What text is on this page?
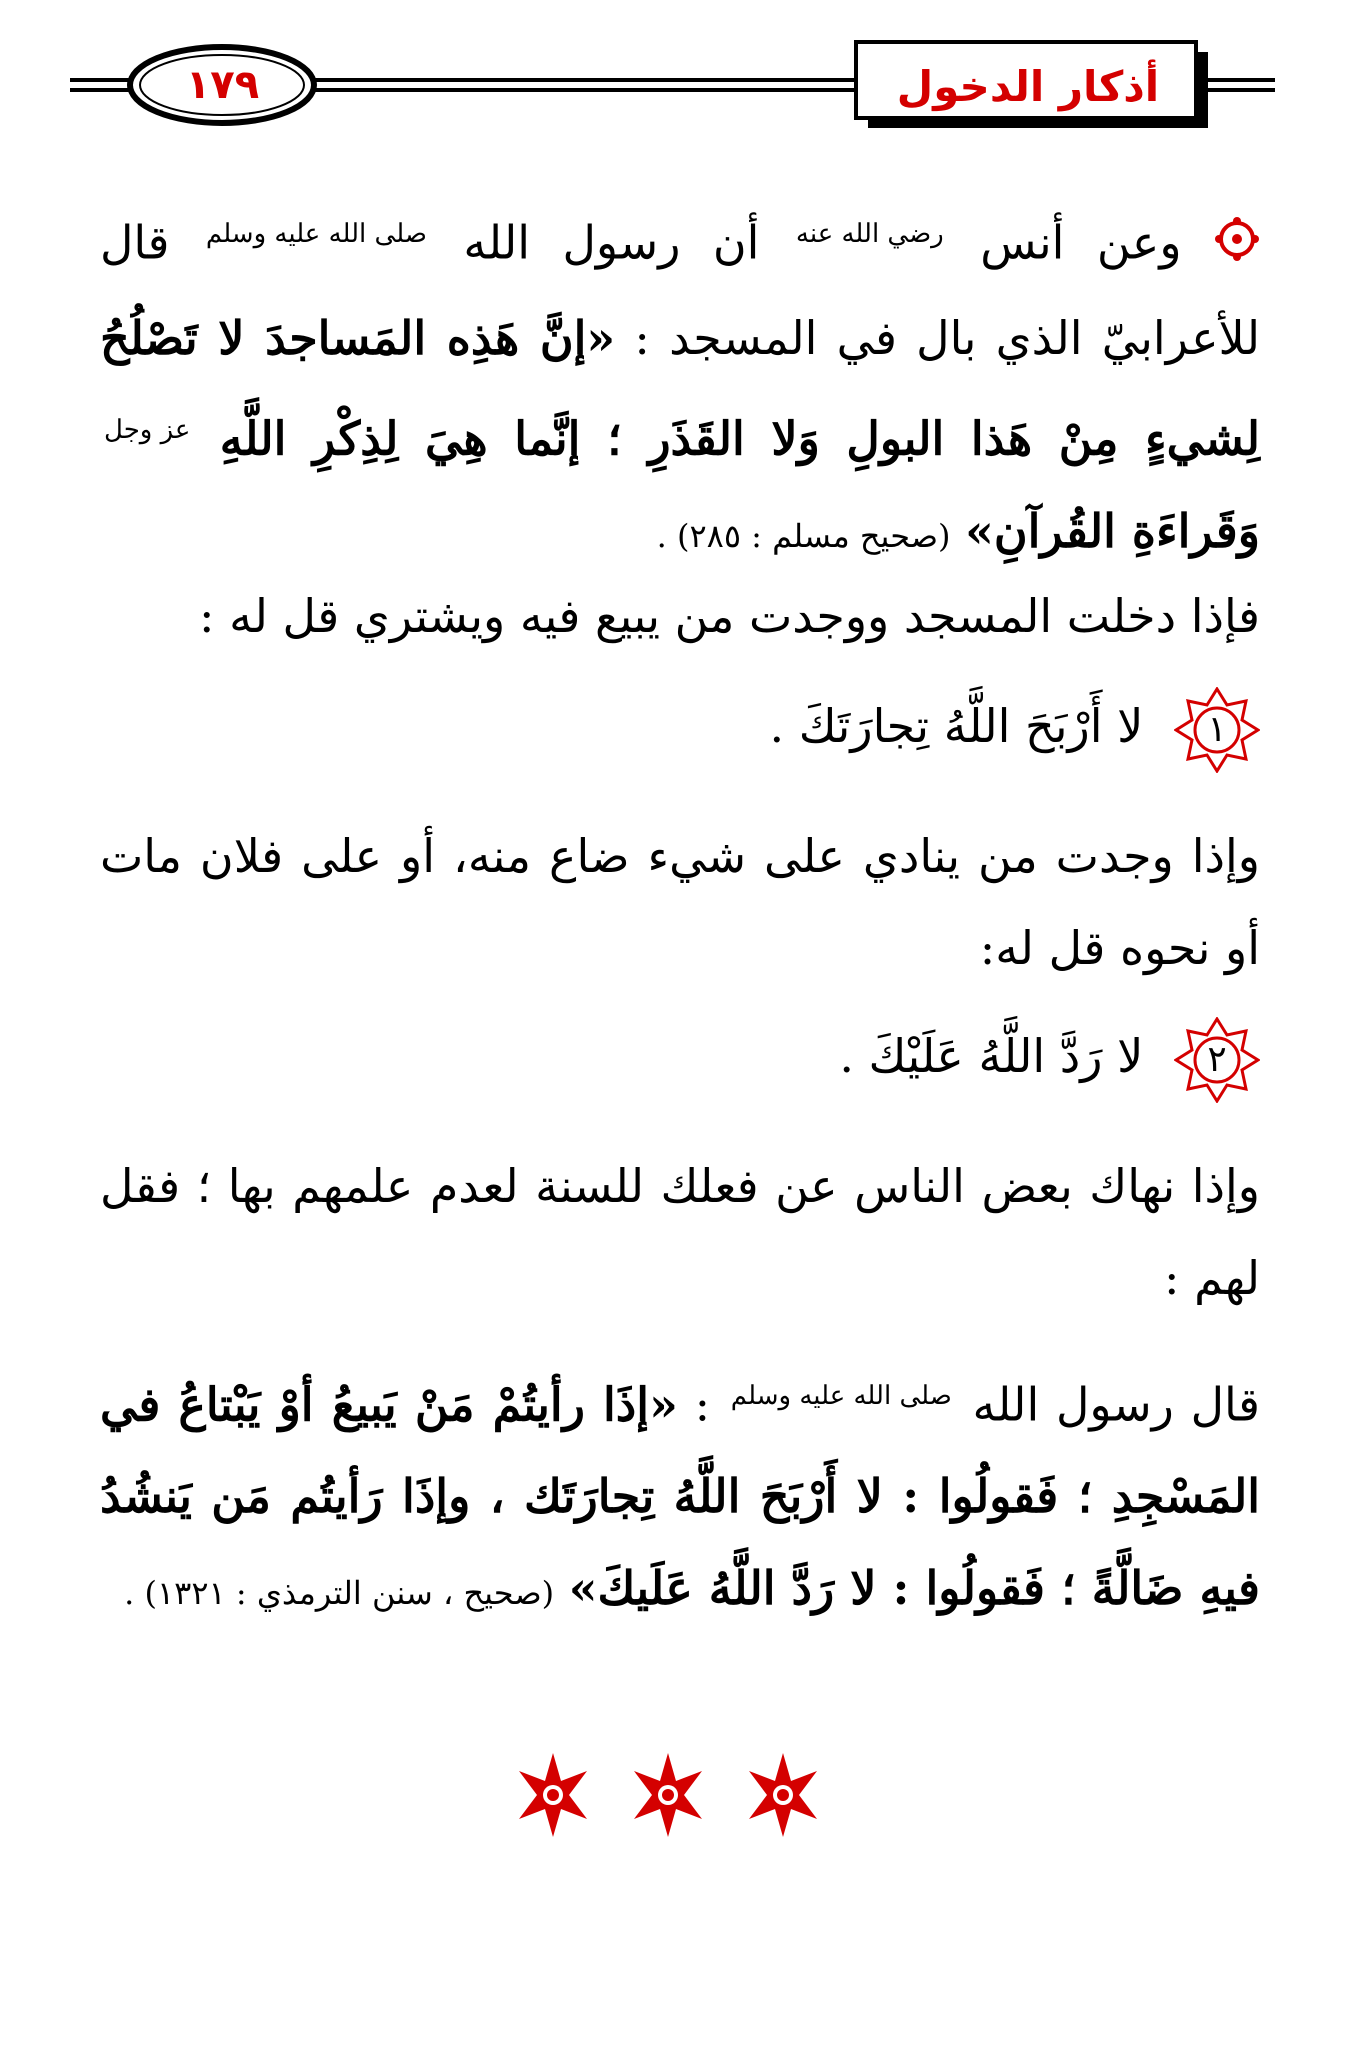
١٧٩	أذكار الدخول
وعن أنس رضي الله عنه أن رسول الله صلى الله عليه وسلم قال للأعرابيّ الذي بال في المسجد : «إنَّ هَذِه المَساجدَ لا تَصْلُحُ لِشيءٍ مِنْ هَذا البولِ وَلا القَذَرِ ؛ إنَّما هِيَ لِذِكْرِ اللَّهِ عز وجل وَقَراءَةِ القُرآنِ» (صحيح مسلم : ٢٨٥) .
فإذا دخلت المسجد ووجدت من يبيع فيه ويشتري قل له :
١
لا أَرْبَحَ اللَّهُ تِجارَتَكَ .
وإذا وجدت من ينادي على شيء ضاع منه، أو على فلان مات أو نحوه قل له:
٢
لا رَدَّ اللَّهُ عَلَيْكَ .
وإذا نهاك بعض الناس عن فعلك للسنة لعدم علمهم بها ؛ فقل لهم :
قال رسول الله صلى الله عليه وسلم : «إذَا رأيتُمْ مَنْ يَبيعُ أوْ يَبْتاعُ في المَسْجِدِ ؛ فَقولُوا : لا أَرْبَحَ اللَّهُ تِجارَتَك ، وإذَا رَأيتُم مَن يَنشُدُ فيهِ ضَالَّةً ؛ فَقولُوا : لا رَدَّ اللَّهُ عَلَيكَ» (صحيح ، سنن الترمذي : ١٣٢١) .
